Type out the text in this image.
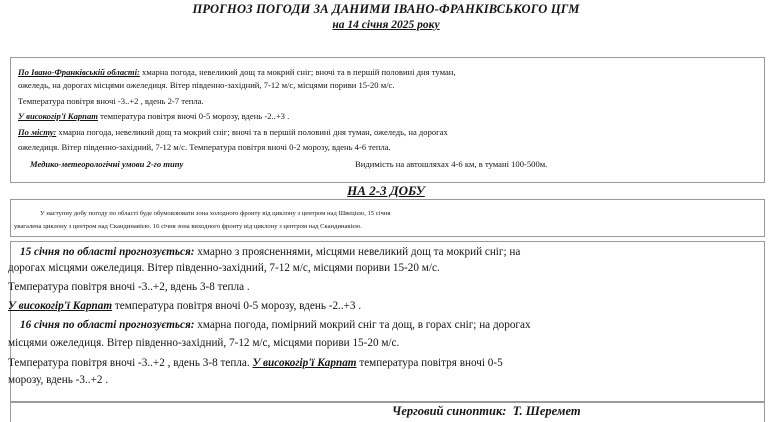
ПРОГНОЗ ПОГОДИ ЗА ДАНИМИ ІВАНО-ФРАНКІВСЬКОГО ЦГМ
на 14 січня 2025 року
По Івано-Франківській області: хмарна погода, невеликий дощ та мокрий сніг; вночі та в першій половині дня туман,
ожеледь, на дорогах місцями ожеледиця. Вітер південно-західний, 7-12 м/с, місцями пориви 15-20 м/с.
Температура повітря вночі -3..+2 , вдень 2-7 тепла.
У високогір'ї Карпат температура повітря вночі 0-5 морозу, вдень -2..+3 .
По місту: хмарна погода, невеликий дощ та мокрий сніг; вночі та в першій половині дня туман, ожеледь, на дорогах
ожеледиця. Вітер південно-західний, 7-12 м/с. Температура повітря вночі 0-2 морозу, вдень 4-6 тепла.
Медико-метеорологічні умови 2-го типу	Видимість на автошляхах 4-6 км, в тумані 100-500м.
НА 2-3 ДОБУ
У наступну добу погоду по області буде обумовлювати зона холодного фронту від циклону з центром над Швецією, 15 січня
увагалена циклону з центром над Скандинавією. 16 січня зона виходного фронту від циклону з центром над Скандинавією.
15 січня по області прогнозується: хмарно з проясненнями, місцями невеликий дощ та мокрий сніг; на
дорогах місцями ожеледиця. Вітер південно-західний, 7-12 м/с, місцями пориви 15-20 м/с.
Температура повітря вночі -3..+2, вдень 3-8 тепла .
У високогір'ї Карпат температура повітря вночі 0-5 морозу, вдень -2..+3 .
16 січня по області прогнозується: хмарна погода, помірний мокрий сніг та дощ, в горах сніг; на дорогах
місцями ожеледиця. Вітер південно-західний, 7-12 м/с, місцями пориви 15-20 м/с.
Температура повітря вночі -3..+2 , вдень 3-8 тепла. У високогір'ї Карпат температура повітря вночі 0-5
морозу, вдень -3..+2 .
Черговий синоптик: Т. Шеремет
